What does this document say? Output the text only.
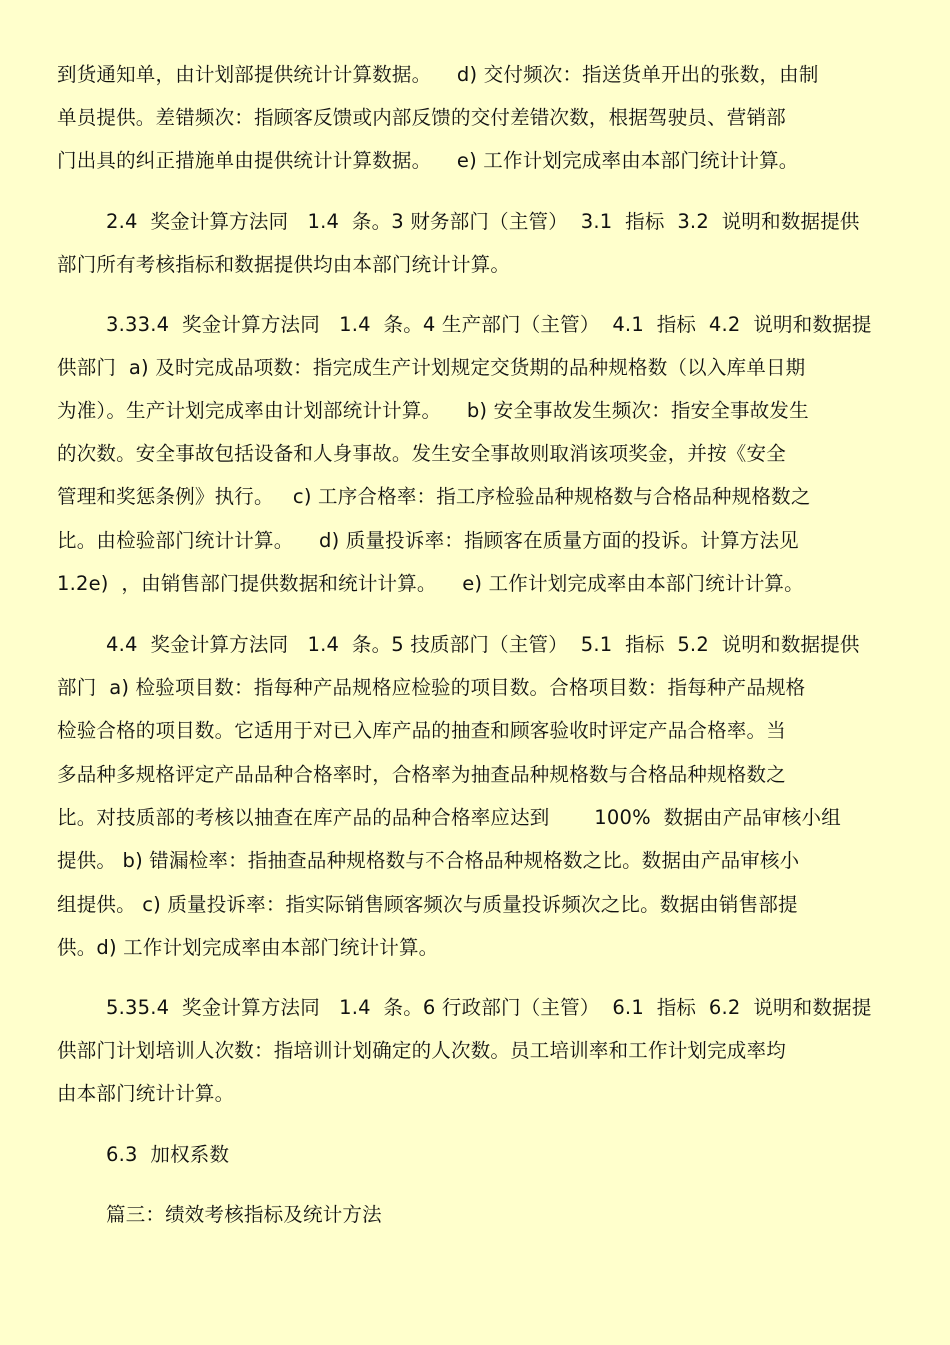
到货通知单，由计划部提供统计计算数据。    d) 交付频次：指送货单开出的张数，由制
单员提供。差错频次：指顾客反馈或内部反馈的交付差错次数，根据驾驶员、营销部
门出具的纠正措施单由提供统计计算数据。    e) 工作计划完成率由本部门统计计算。
2.4  奖金计算方法同   1.4  条。3 财务部门（主管）  3.1  指标  3.2  说明和数据提供
部门所有考核指标和数据提供均由本部门统计计算。
3.33.4  奖金计算方法同   1.4  条。4 生产部门（主管）  4.1  指标  4.2  说明和数据提
供部门  a) 及时完成品项数：指完成生产计划规定交货期的品种规格数（以入库单日期
为准）。生产计划完成率由计划部统计计算。    b) 安全事故发生频次：指安全事故发生
的次数。安全事故包括设备和人身事故。发生安全事故则取消该项奖金，并按《安全
管理和奖惩条例》执行。   c) 工序合格率：指工序检验品种规格数与合格品种规格数之
比。由检验部门统计计算。    d) 质量投诉率：指顾客在质量方面的投诉。计算方法见
1.2e)  ，由销售部门提供数据和统计计算。    e) 工作计划完成率由本部门统计计算。
4.4  奖金计算方法同   1.4  条。5 技质部门（主管）  5.1  指标  5.2  说明和数据提供
部门  a) 检验项目数：指每种产品规格应检验的项目数。合格项目数：指每种产品规格
检验合格的项目数。它适用于对已入库产品的抽查和顾客验收时评定产品合格率。当
多品种多规格评定产品品种合格率时，合格率为抽查品种规格数与合格品种规格数之
比。对技质部的考核以抽查在库产品的品种合格率应达到       100%  数据由产品审核小组
提供。 b) 错漏检率：指抽查品种规格数与不合格品种规格数之比。数据由产品审核小
组提供。 c) 质量投诉率：指实际销售顾客频次与质量投诉频次之比。数据由销售部提
供。d) 工作计划完成率由本部门统计计算。
5.35.4  奖金计算方法同   1.4  条。6 行政部门（主管）  6.1  指标  6.2  说明和数据提
供部门计划培训人次数：指培训计划确定的人次数。员工培训率和工作计划完成率均
由本部门统计计算。
6.3  加权系数
篇三：绩效考核指标及统计方法
